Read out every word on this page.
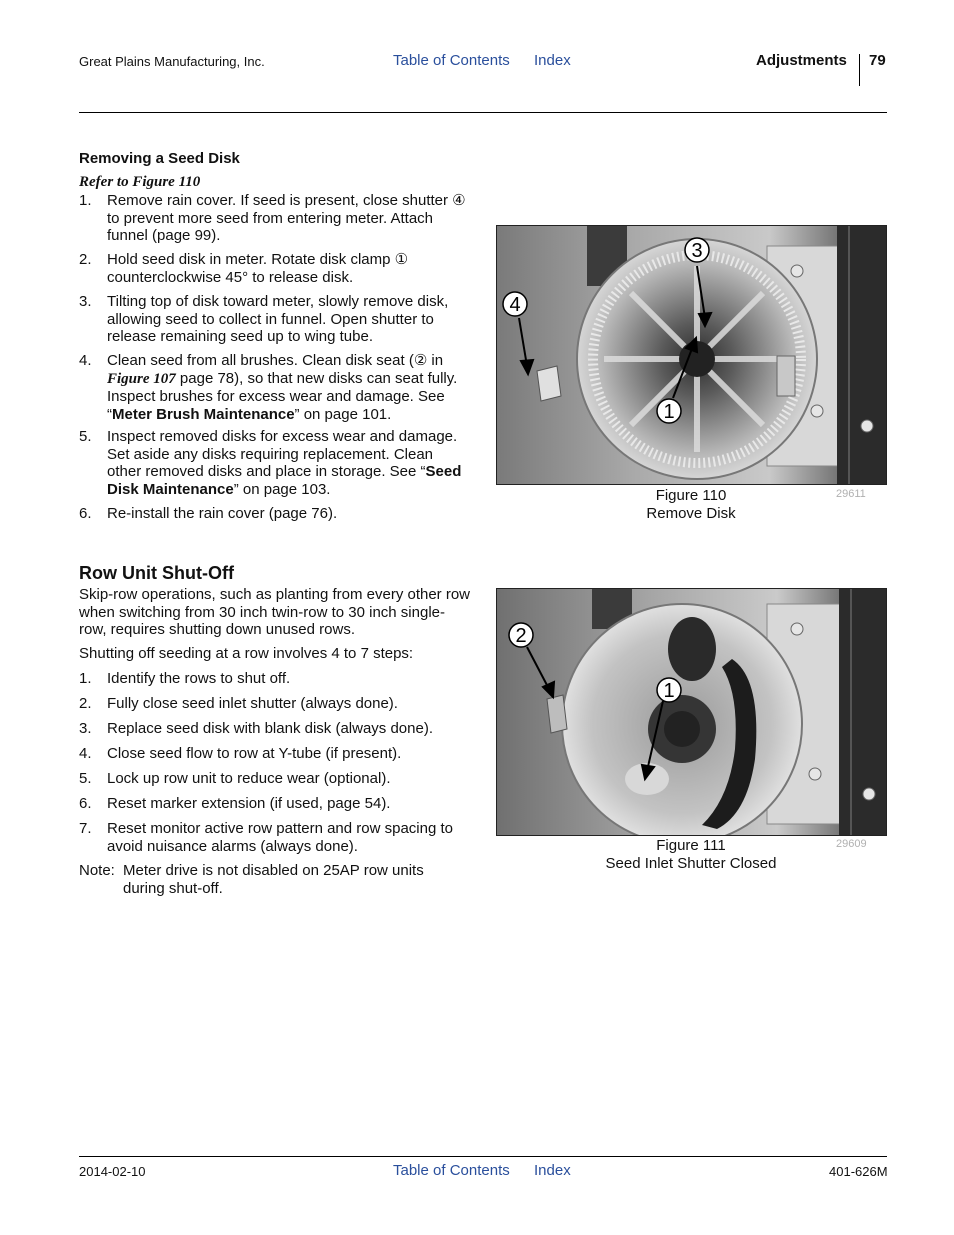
Great Plains Manufacturing, Inc.	Table of Contents Index	Adjustments 79
Removing a Seed Disk
Refer to Figure 110
1. Remove rain cover. If seed is present, close shutter ④ to prevent more seed from entering meter. Attach funnel (page 99).
2. Hold seed disk in meter. Rotate disk clamp ① counterclockwise 45° to release disk.
3. Tilting top of disk toward meter, slowly remove disk, allowing seed to collect in funnel. Open shutter to release remaining seed up to wing tube.
4. Clean seed from all brushes. Clean disk seat (② in Figure 107 page 78), so that new disks can seat fully. Inspect brushes for excess wear and damage. See “Meter Brush Maintenance” on page 101.
5. Inspect removed disks for excess wear and damage. Set aside any disks requiring replacement. Clean other removed disks and place in storage. See “Seed Disk Maintenance” on page 103.
6. Re-install the rain cover (page 76).
3
4
1
Figure 110
Remove Disk
29611
Row Unit Shut-Off
Skip-row operations, such as planting from every other row when switching from 30 inch twin-row to 30 inch single-row, requires shutting down unused rows.
Shutting off seeding at a row involves 4 to 7 steps:
1. Identify the rows to shut off.
2. Fully close seed inlet shutter (always done).
3. Replace seed disk with blank disk (always done).
4. Close seed flow to row at Y-tube (if present).
5. Lock up row unit to reduce wear (optional).
6. Reset marker extension (if used, page 54).
7. Reset monitor active row pattern and row spacing to avoid nuisance alarms (always done).
Note: Meter drive is not disabled on 25AP row units during shut-off.
2
1
Figure 111
Seed Inlet Shutter Closed
29609
2014-02-10	Table of Contents Index	401-626M
